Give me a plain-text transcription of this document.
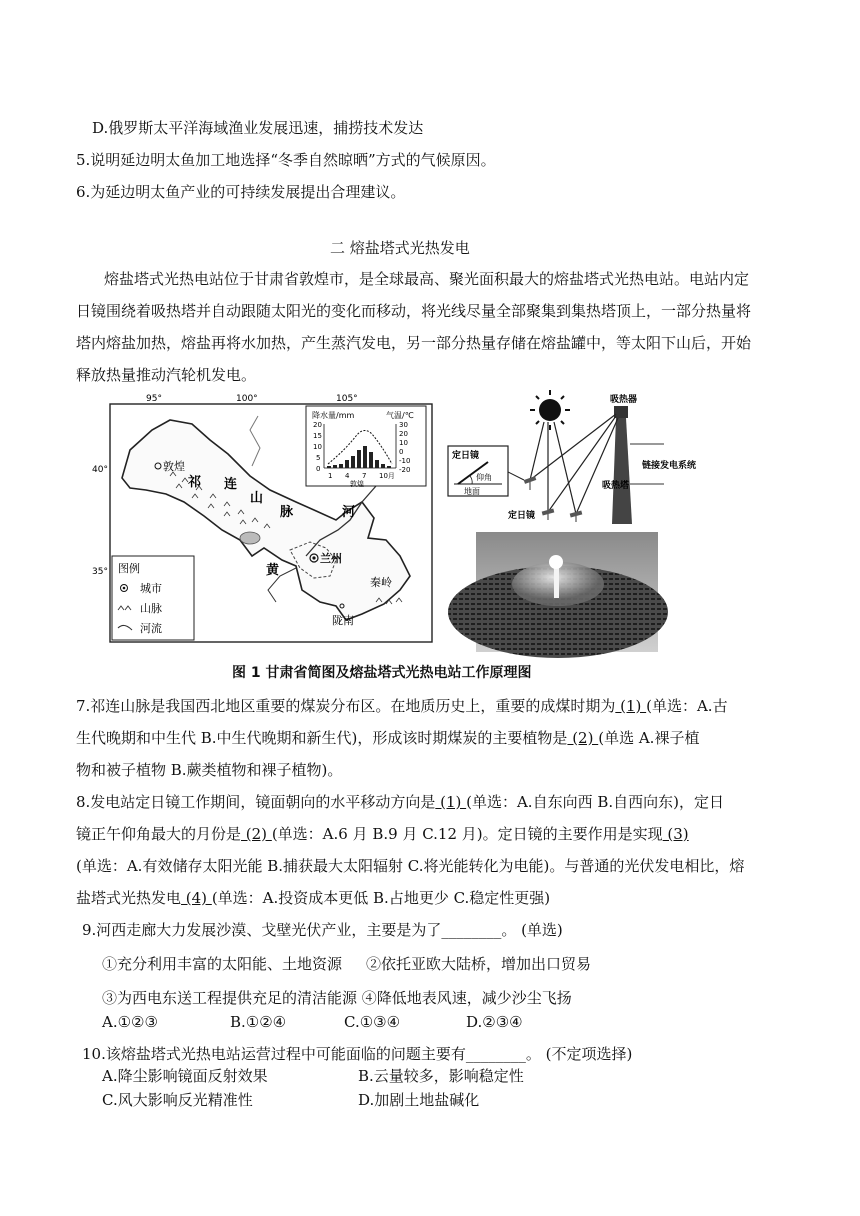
D.俄罗斯太平洋海域渔业发展迅速，捕捞技术发达
5.说明延边明太鱼加工地选择“冬季自然晾晒”方式的气候原因。
6.为延边明太鱼产业的可持续发展提出合理建议。
二 熔盐塔式光热发电
熔盐塔式光热电站位于甘肃省敦煌市，是全球最高、聚光面积最大的熔盐塔式光热电站。电站内定
日镜围绕着吸热塔并自动跟随太阳光的变化而移动，将光线尽量全部聚集到集热塔顶上，一部分热量将
塔内熔盐加热，熔盐再将水加热，产生蒸汽发电，另一部分热量存储在熔盐罐中，等太阳下山后，开始
释放热量推动汽轮机发电。
95°	100°	105°
40°
35°
敦煌
兰州
陇南
秦岭
祁 连
山
脉
黄
河
图例
城市
山脉
河流
降水量/mm	气温/℃
20
15
10
5
0
30
20
10
0
-10
-20
1 4 7 10月
敦煌
吸热器
链接发电系统
吸热塔
定日镜
定日镜
仰角
地面
图 1 甘肃省简图及熔盐塔式光热电站工作原理图
7.祁连山脉是我国西北地区重要的煤炭分布区。在地质历史上，重要的成煤时期为 (1) (单选：A.古
生代晚期和中生代 B.中生代晚期和新生代)，形成该时期煤炭的主要植物是 (2) (单选 A.裸子植
物和被子植物 B.蕨类植物和裸子植物)。
8.发电站定日镜工作期间，镜面朝向的水平移动方向是 (1) (单选：A.自东向西 B.自西向东)，定日
镜正午仰角最大的月份是 (2) (单选：A.6 月 B.9 月 C.12 月)。定日镜的主要作用是实现 (3)
(单选：A.有效储存太阳光能 B.捕获最大太阳辐射 C.将光能转化为电能)。与普通的光伏发电相比，熔
盐塔式光热发电 (4) (单选：A.投资成本更低 B.占地更少 C.稳定性更强)
9.河西走廊大力发展沙漠、戈壁光伏产业，主要是为了________。 (单选)
①充分利用丰富的太阳能、土地资源 ②依托亚欧大陆桥，增加出口贸易
③为西电东送工程提供充足的清洁能源 ④降低地表风速，减少沙尘飞扬
A.①②③	B.①②④	C.①③④	D.②③④
10.该熔盐塔式光热电站运营过程中可能面临的问题主要有________。 (不定项选择)
A.降尘影响镜面反射效果	B.云量较多，影响稳定性
C.风大影响反光精准性	D.加剧土地盐碱化
